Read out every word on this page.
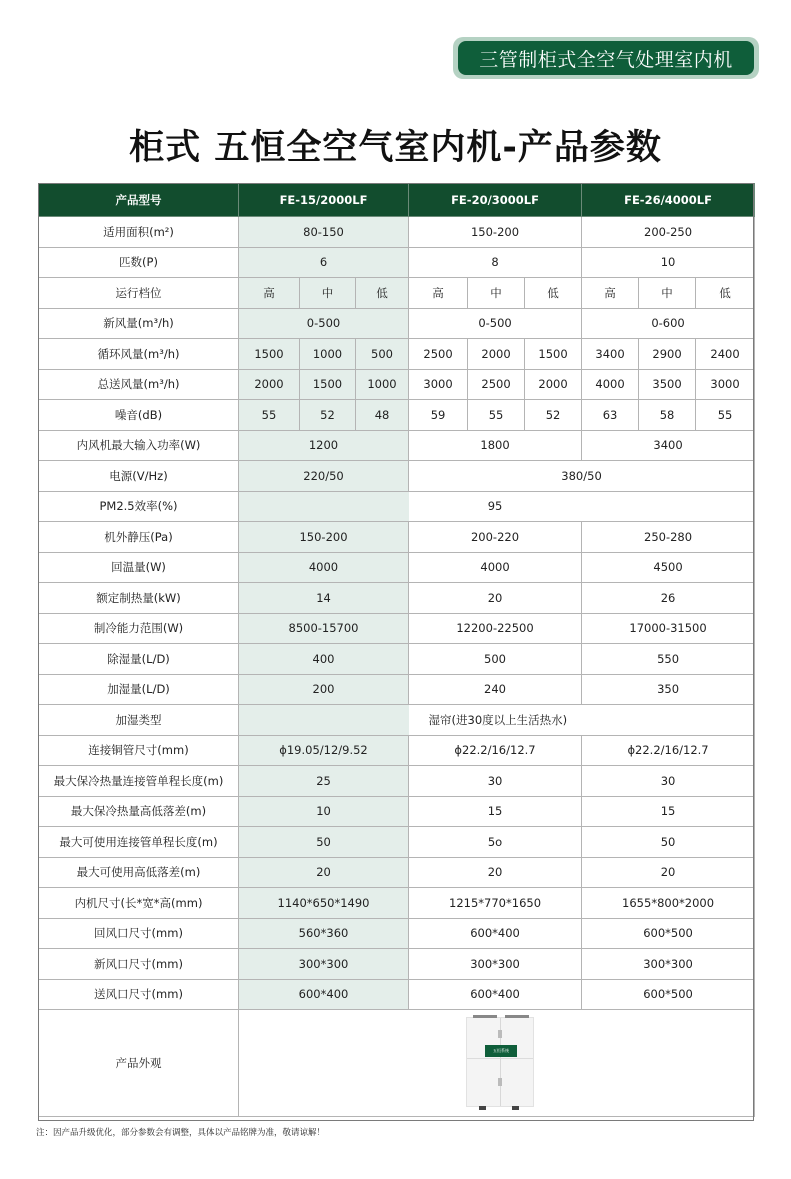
三管制柜式全空气处理室内机
柜式 五恒全空气室内机-产品参数
产品型号	FE-15/2000LF			FE-20/3000LF			FE-26/4000LF		
适用面积(m²)	80-150			150-200			200-250		
匹数(P)	6			8			10		
运行档位	高	中	低	高	中	低	高	中	低
新风量(m³/h)	0-500			0-500			0-600		
循环风量(m³/h)	1500	1000	500	2500	2000	1500	3400	2900	2400
总送风量(m³/h)	2000	1500	1000	3000	2500	2000	4000	3500	3000
噪音(dB)	55	52	48	59	55	52	63	58	55
内风机最大输入功率(W)	1200			1800			3400		
电源(V/Hz)	220/50			380/50					
PM2.5效率(%)				95					
机外静压(Pa)	150-200			200-220			250-280		
回温量(W)	4000			4000			4500		
额定制热量(kW)	14			20			26		
制冷能力范围(W)	8500-15700			12200-22500			17000-31500		
除湿量(L/D)	400			500			550		
加湿量(L/D)	200			240			350		
加湿类型				湿帘(进30度以上生活热水)					
连接铜管尺寸(mm)	ϕ19.05/12/9.52			ϕ22.2/16/12.7			ϕ22.2/16/12.7		
最大保冷热量连接管单程长度(m)	25			30			30		
最大保冷热量高低落差(m)	10			15			15		
最大可使用连接管单程长度(m)	50			5o			50		
最大可使用高低落差(m)	20			20			20		
内机尺寸(长*宽*高(mm)	1140*650*1490			1215*770*1650			1655*800*2000		
回风口尺寸(mm)	560*360			600*400			600*500		
新风口尺寸(mm)	300*300			300*300			300*300		
送风口尺寸(mm)	600*400			600*400			600*500		
产品外观	五恒系统								
注：因产品升级优化，部分参数会有调整，具体以产品铭牌为准，敬请谅解！
